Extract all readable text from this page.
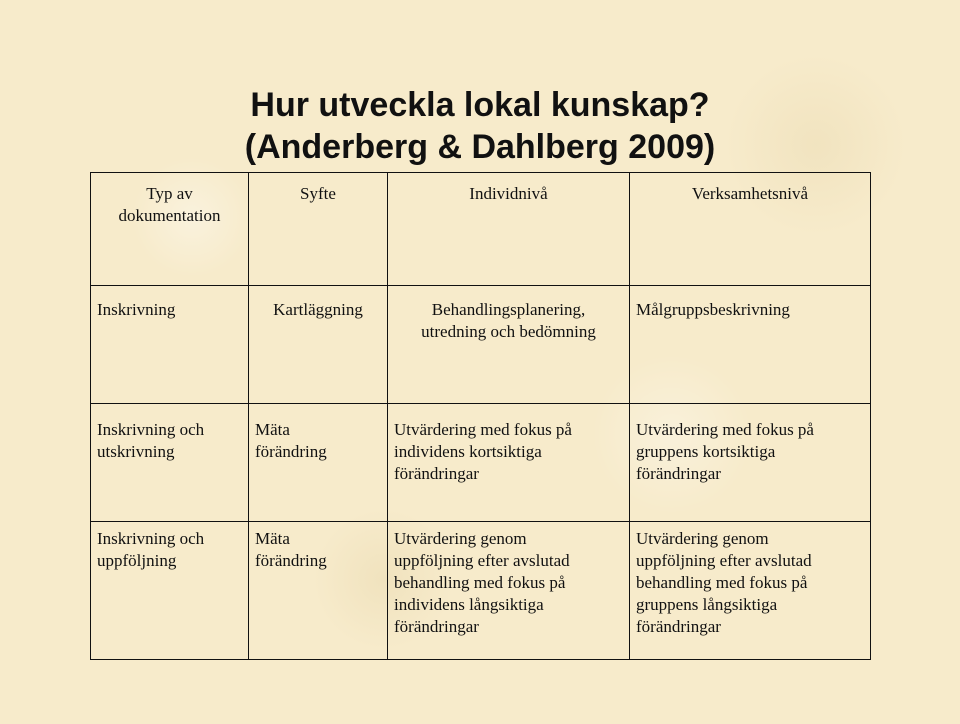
Hur utveckla lokal kunskap?
(Anderberg & Dahlberg 2009)
Typ av
dokumentation	Syfte	Individnivå	Verksamhetsnivå

Inskrivning	Kartläggning	Behandlingsplanering,
utredning och bedömning	Målgruppsbeskrivning

Inskrivning och
utskrivning	Mäta
förändring	Utvärdering med fokus på
individens kortsiktiga
förändringar	Utvärdering med fokus på
gruppens kortsiktiga
förändringar

Inskrivning och
uppföljning	Mäta
förändring	Utvärdering genom
uppföljning efter avslutad
behandling med fokus på
individens långsiktiga
förändringar	Utvärdering genom
uppföljning efter avslutad
behandling med fokus på
gruppens långsiktiga
förändringar
